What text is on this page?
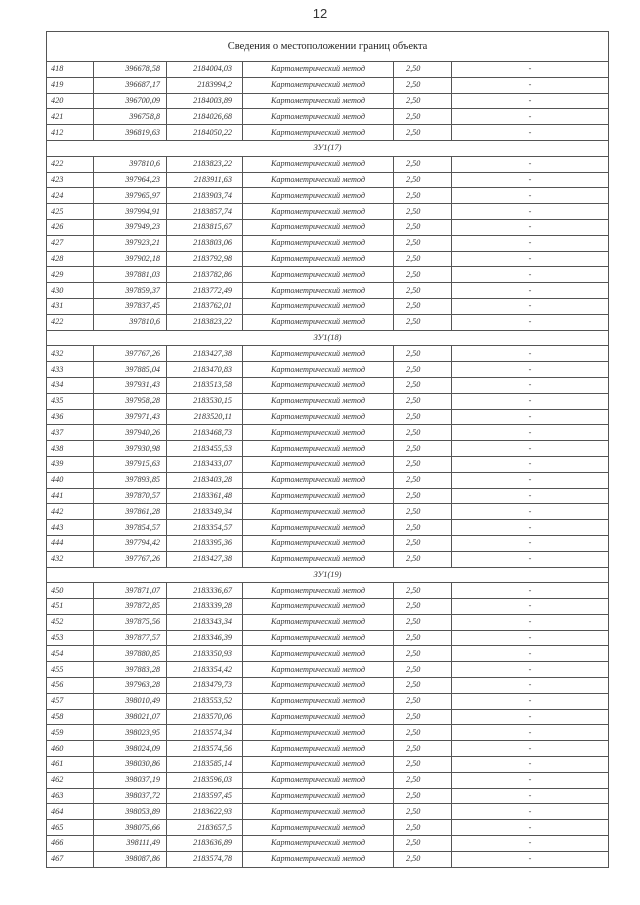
12
Сведения о местоположении границ объекта					
418	396678,58	2184004,03	Картометрический метод	2,50	-
419	396687,17	2183994,2	Картометрический метод	2,50	-
420	396700,09	2184003,89	Картометрический метод	2,50	-
421	396758,8	2184026,68	Картометрический метод	2,50	-
412	396819,63	2184050,22	Картометрический метод	2,50	-
ЗУ1(17)					
422	397810,6	2183823,22	Картометрический метод	2,50	-
423	397964,23	2183911,63	Картометрический метод	2,50	-
424	397965,97	2183903,74	Картометрический метод	2,50	-
425	397994,91	2183857,74	Картометрический метод	2,50	-
426	397949,23	2183815,67	Картометрический метод	2,50	-
427	397923,21	2183803,06	Картометрический метод	2,50	-
428	397902,18	2183792,98	Картометрический метод	2,50	-
429	397881,03	2183782,86	Картометрический метод	2,50	-
430	397859,37	2183772,49	Картометрический метод	2,50	-
431	397837,45	2183762,01	Картометрический метод	2,50	-
422	397810,6	2183823,22	Картометрический метод	2,50	-
ЗУ1(18)					
432	397767,26	2183427,38	Картометрический метод	2,50	-
433	397885,04	2183470,83	Картометрический метод	2,50	-
434	397931,43	2183513,58	Картометрический метод	2,50	-
435	397958,28	2183530,15	Картометрический метод	2,50	-
436	397971,43	2183520,11	Картометрический метод	2,50	-
437	397940,26	2183468,73	Картометрический метод	2,50	-
438	397930,98	2183455,53	Картометрический метод	2,50	-
439	397915,63	2183433,07	Картометрический метод	2,50	-
440	397893,85	2183403,28	Картометрический метод	2,50	-
441	397870,57	2183361,48	Картометрический метод	2,50	-
442	397861,28	2183349,34	Картометрический метод	2,50	-
443	397854,57	2183354,57	Картометрический метод	2,50	-
444	397794,42	2183395,36	Картометрический метод	2,50	-
432	397767,26	2183427,38	Картометрический метод	2,50	-
ЗУ1(19)					
450	397871,07	2183336,67	Картометрический метод	2,50	-
451	397872,85	2183339,28	Картометрический метод	2,50	-
452	397875,56	2183343,34	Картометрический метод	2,50	-
453	397877,57	2183346,39	Картометрический метод	2,50	-
454	397880,85	2183350,93	Картометрический метод	2,50	-
455	397883,28	2183354,42	Картометрический метод	2,50	-
456	397963,28	2183479,73	Картометрический метод	2,50	-
457	398010,49	2183553,52	Картометрический метод	2,50	-
458	398021,07	2183570,06	Картометрический метод	2,50	-
459	398023,95	2183574,34	Картометрический метод	2,50	-
460	398024,09	2183574,56	Картометрический метод	2,50	-
461	398030,86	2183585,14	Картометрический метод	2,50	-
462	398037,19	2183596,03	Картометрический метод	2,50	-
463	398037,72	2183597,45	Картометрический метод	2,50	-
464	398053,89	2183622,93	Картометрический метод	2,50	-
465	398075,66	2183657,5	Картометрический метод	2,50	-
466	398111,49	2183636,89	Картометрический метод	2,50	-
467	398087,86	2183574,78	Картометрический метод	2,50	-
